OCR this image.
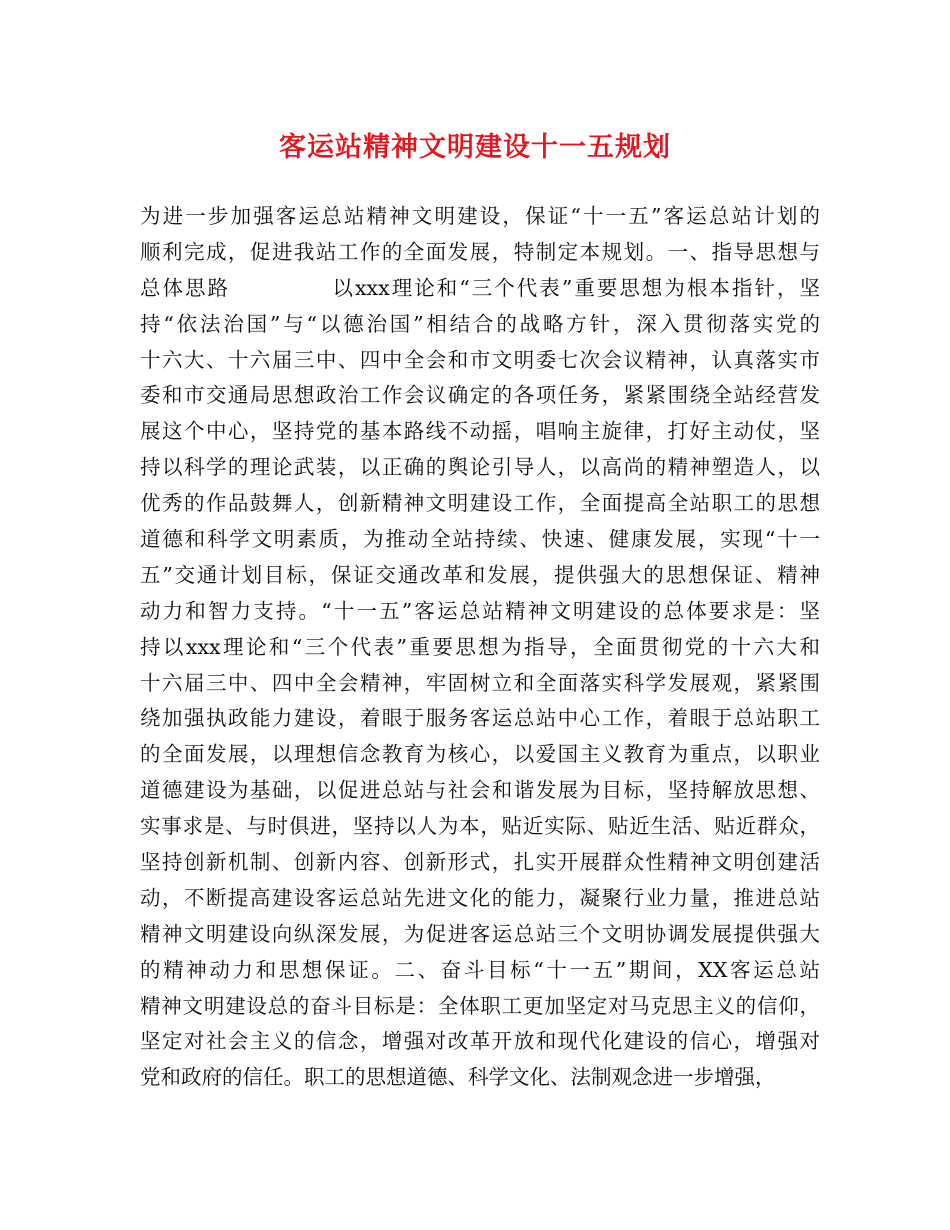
客运站精神文明建设十一五规划
为进一步加强客运总站精神文明建设，保证“十一五”客运总站计划的
顺利完成，促进我站工作的全面发展，特制定本规划。一、指导思想与
总体思路            以xxx理论和“三个代表”重要思想为根本指针，坚
持“依法治国”与“以德治国”相结合的战略方针，深入贯彻落实党的
十六大、十六届三中、四中全会和市文明委七次会议精神，认真落实市
委和市交通局思想政治工作会议确定的各项任务，紧紧围绕全站经营发
展这个中心，坚持党的基本路线不动摇，唱响主旋律，打好主动仗，坚
持以科学的理论武装，以正确的舆论引导人，以高尚的精神塑造人，以
优秀的作品鼓舞人，创新精神文明建设工作，全面提高全站职工的思想
道德和科学文明素质，为推动全站持续、快速、健康发展，实现“十一
五”交通计划目标，保证交通改革和发展，提供强大的思想保证、精神
动力和智力支持。“十一五”客运总站精神文明建设的总体要求是：坚
持以xxx理论和“三个代表”重要思想为指导，全面贯彻党的十六大和
十六届三中、四中全会精神，牢固树立和全面落实科学发展观，紧紧围
绕加强执政能力建设，着眼于服务客运总站中心工作，着眼于总站职工
的全面发展，以理想信念教育为核心，以爱国主义教育为重点，以职业
道德建设为基础，以促进总站与社会和谐发展为目标，坚持解放思想、
实事求是、与时俱进，坚持以人为本，贴近实际、贴近生活、贴近群众，
坚持创新机制、创新内容、创新形式，扎实开展群众性精神文明创建活
动，不断提高建设客运总站先进文化的能力，凝聚行业力量，推进总站
精神文明建设向纵深发展，为促进客运总站三个文明协调发展提供强大
的精神动力和思想保证。二、奋斗目标“十一五”期间，XX客运总站
精神文明建设总的奋斗目标是：全体职工更加坚定对马克思主义的信仰，
坚定对社会主义的信念，增强对改革开放和现代化建设的信心，增强对
党和政府的信任。职工的思想道德、科学文化、法制观念进一步增强，
